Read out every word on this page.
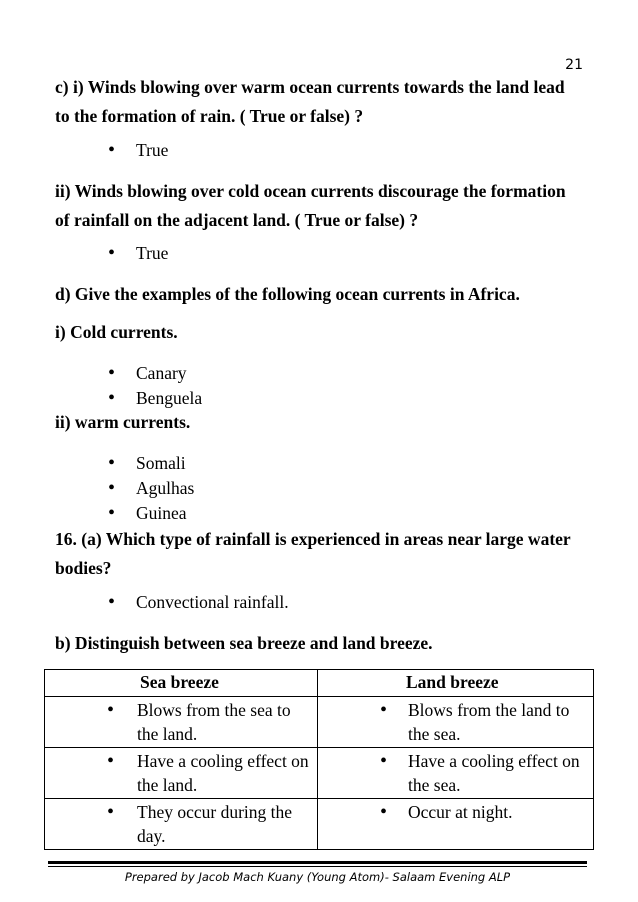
21
c) i) Winds blowing over warm ocean currents towards the land lead to the formation of rain. ( True or false) ?
• True
ii) Winds blowing over cold ocean currents discourage the formation of rainfall on the adjacent land. ( True or false) ?
• True
d) Give the examples of the following ocean currents in Africa.
i) Cold currents.
• Canary
• Benguela
ii) warm currents.
• Somali
• Agulhas
• Guinea
16. (a) Which type of rainfall is experienced in areas near large water bodies?
• Convectional rainfall.
b) Distinguish between sea breeze and land breeze.
Sea breeze	Land breeze

• Blows from the sea to the land.	• Blows from the land to the sea.

• Have a cooling effect on the land.	• Have a cooling effect on the sea.

• They occur during the day.	• Occur at night.
Prepared by Jacob Mach Kuany (Young Atom)- Salaam Evening ALP
